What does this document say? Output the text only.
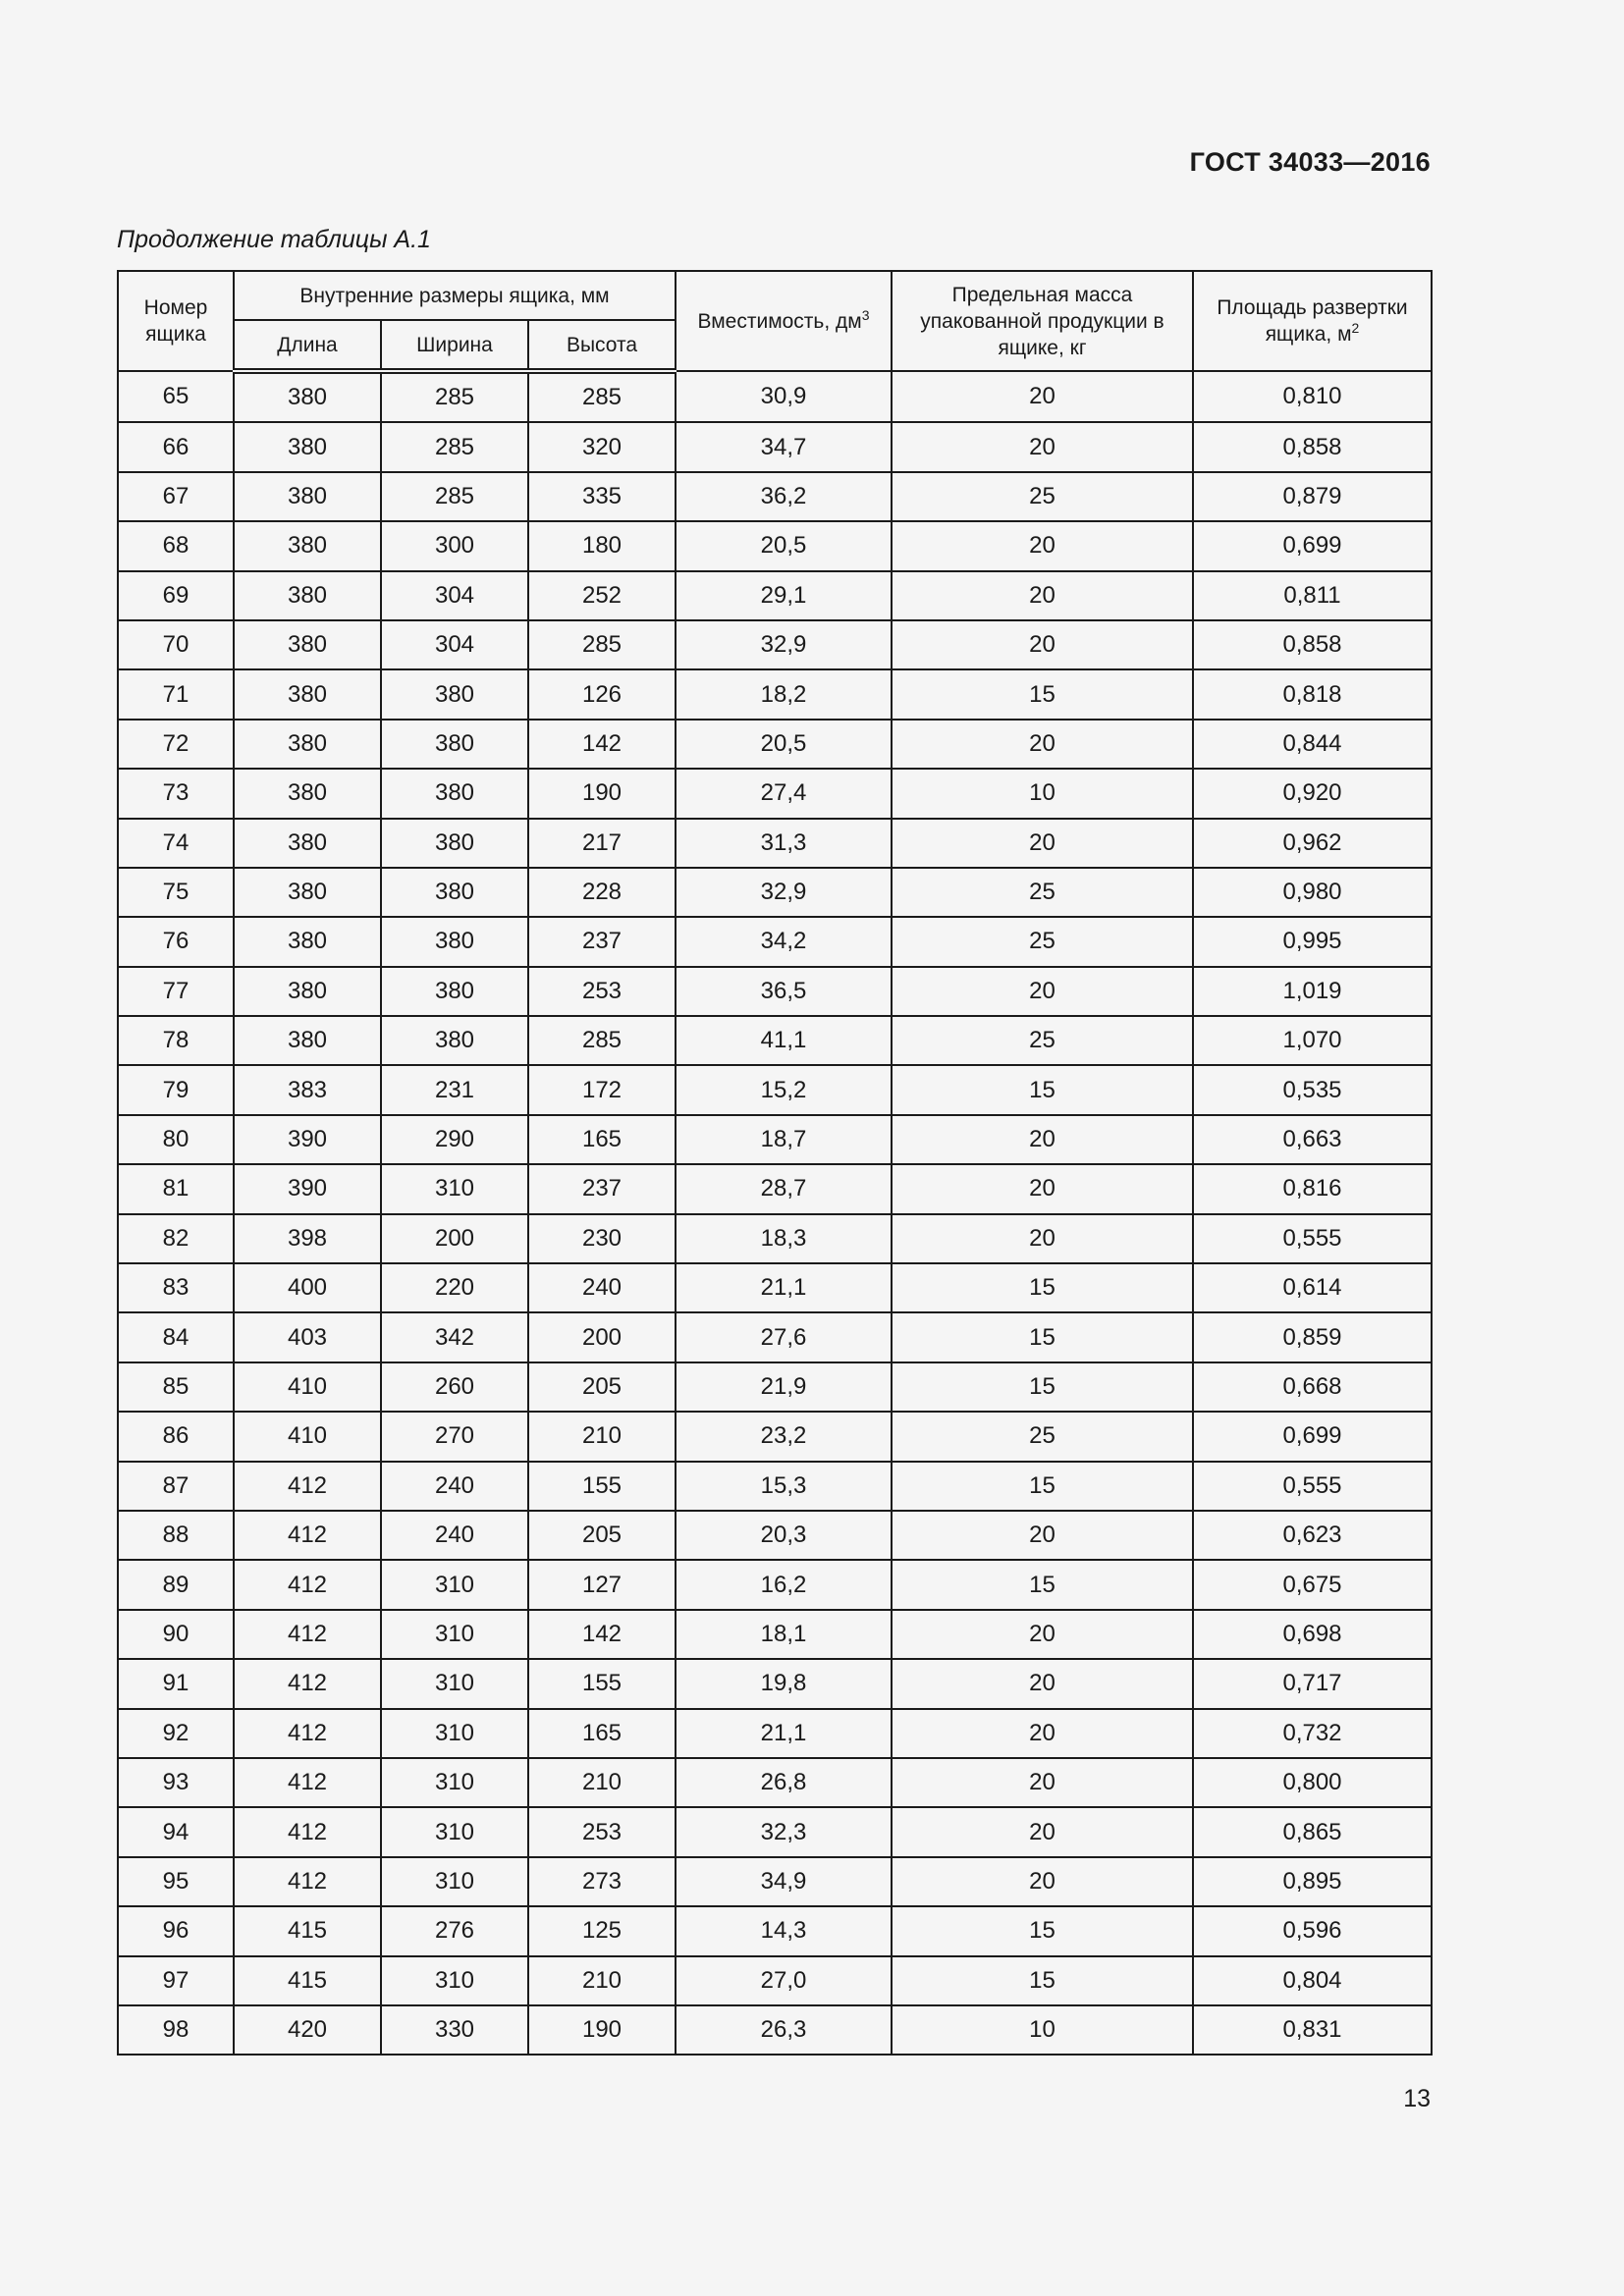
ГОСТ 34033—2016
Продолжение таблицы А.1
Номер ящика	Внутренние размеры ящика, мм			Вместимость, $дм^3$	Предельная масса упакованной продукции в ящике, кг	Площадь развертки ящика, $м^2$
	Длина	Ширина	Высота			
65	380	285	285	30,9	20	0,810
66	380	285	320	34,7	20	0,858
67	380	285	335	36,2	25	0,879
68	380	300	180	20,5	20	0,699
69	380	304	252	29,1	20	0,811
70	380	304	285	32,9	20	0,858
71	380	380	126	18,2	15	0,818
72	380	380	142	20,5	20	0,844
73	380	380	190	27,4	10	0,920
74	380	380	217	31,3	20	0,962
75	380	380	228	32,9	25	0,980
76	380	380	237	34,2	25	0,995
77	380	380	253	36,5	20	1,019
78	380	380	285	41,1	25	1,070
79	383	231	172	15,2	15	0,535
80	390	290	165	18,7	20	0,663
81	390	310	237	28,7	20	0,816
82	398	200	230	18,3	20	0,555
83	400	220	240	21,1	15	0,614
84	403	342	200	27,6	15	0,859
85	410	260	205	21,9	15	0,668
86	410	270	210	23,2	25	0,699
87	412	240	155	15,3	15	0,555
88	412	240	205	20,3	20	0,623
89	412	310	127	16,2	15	0,675
90	412	310	142	18,1	20	0,698
91	412	310	155	19,8	20	0,717
92	412	310	165	21,1	20	0,732
93	412	310	210	26,8	20	0,800
94	412	310	253	32,3	20	0,865
95	412	310	273	34,9	20	0,895
96	415	276	125	14,3	15	0,596
97	415	310	210	27,0	15	0,804
98	420	330	190	26,3	10	0,831
13
